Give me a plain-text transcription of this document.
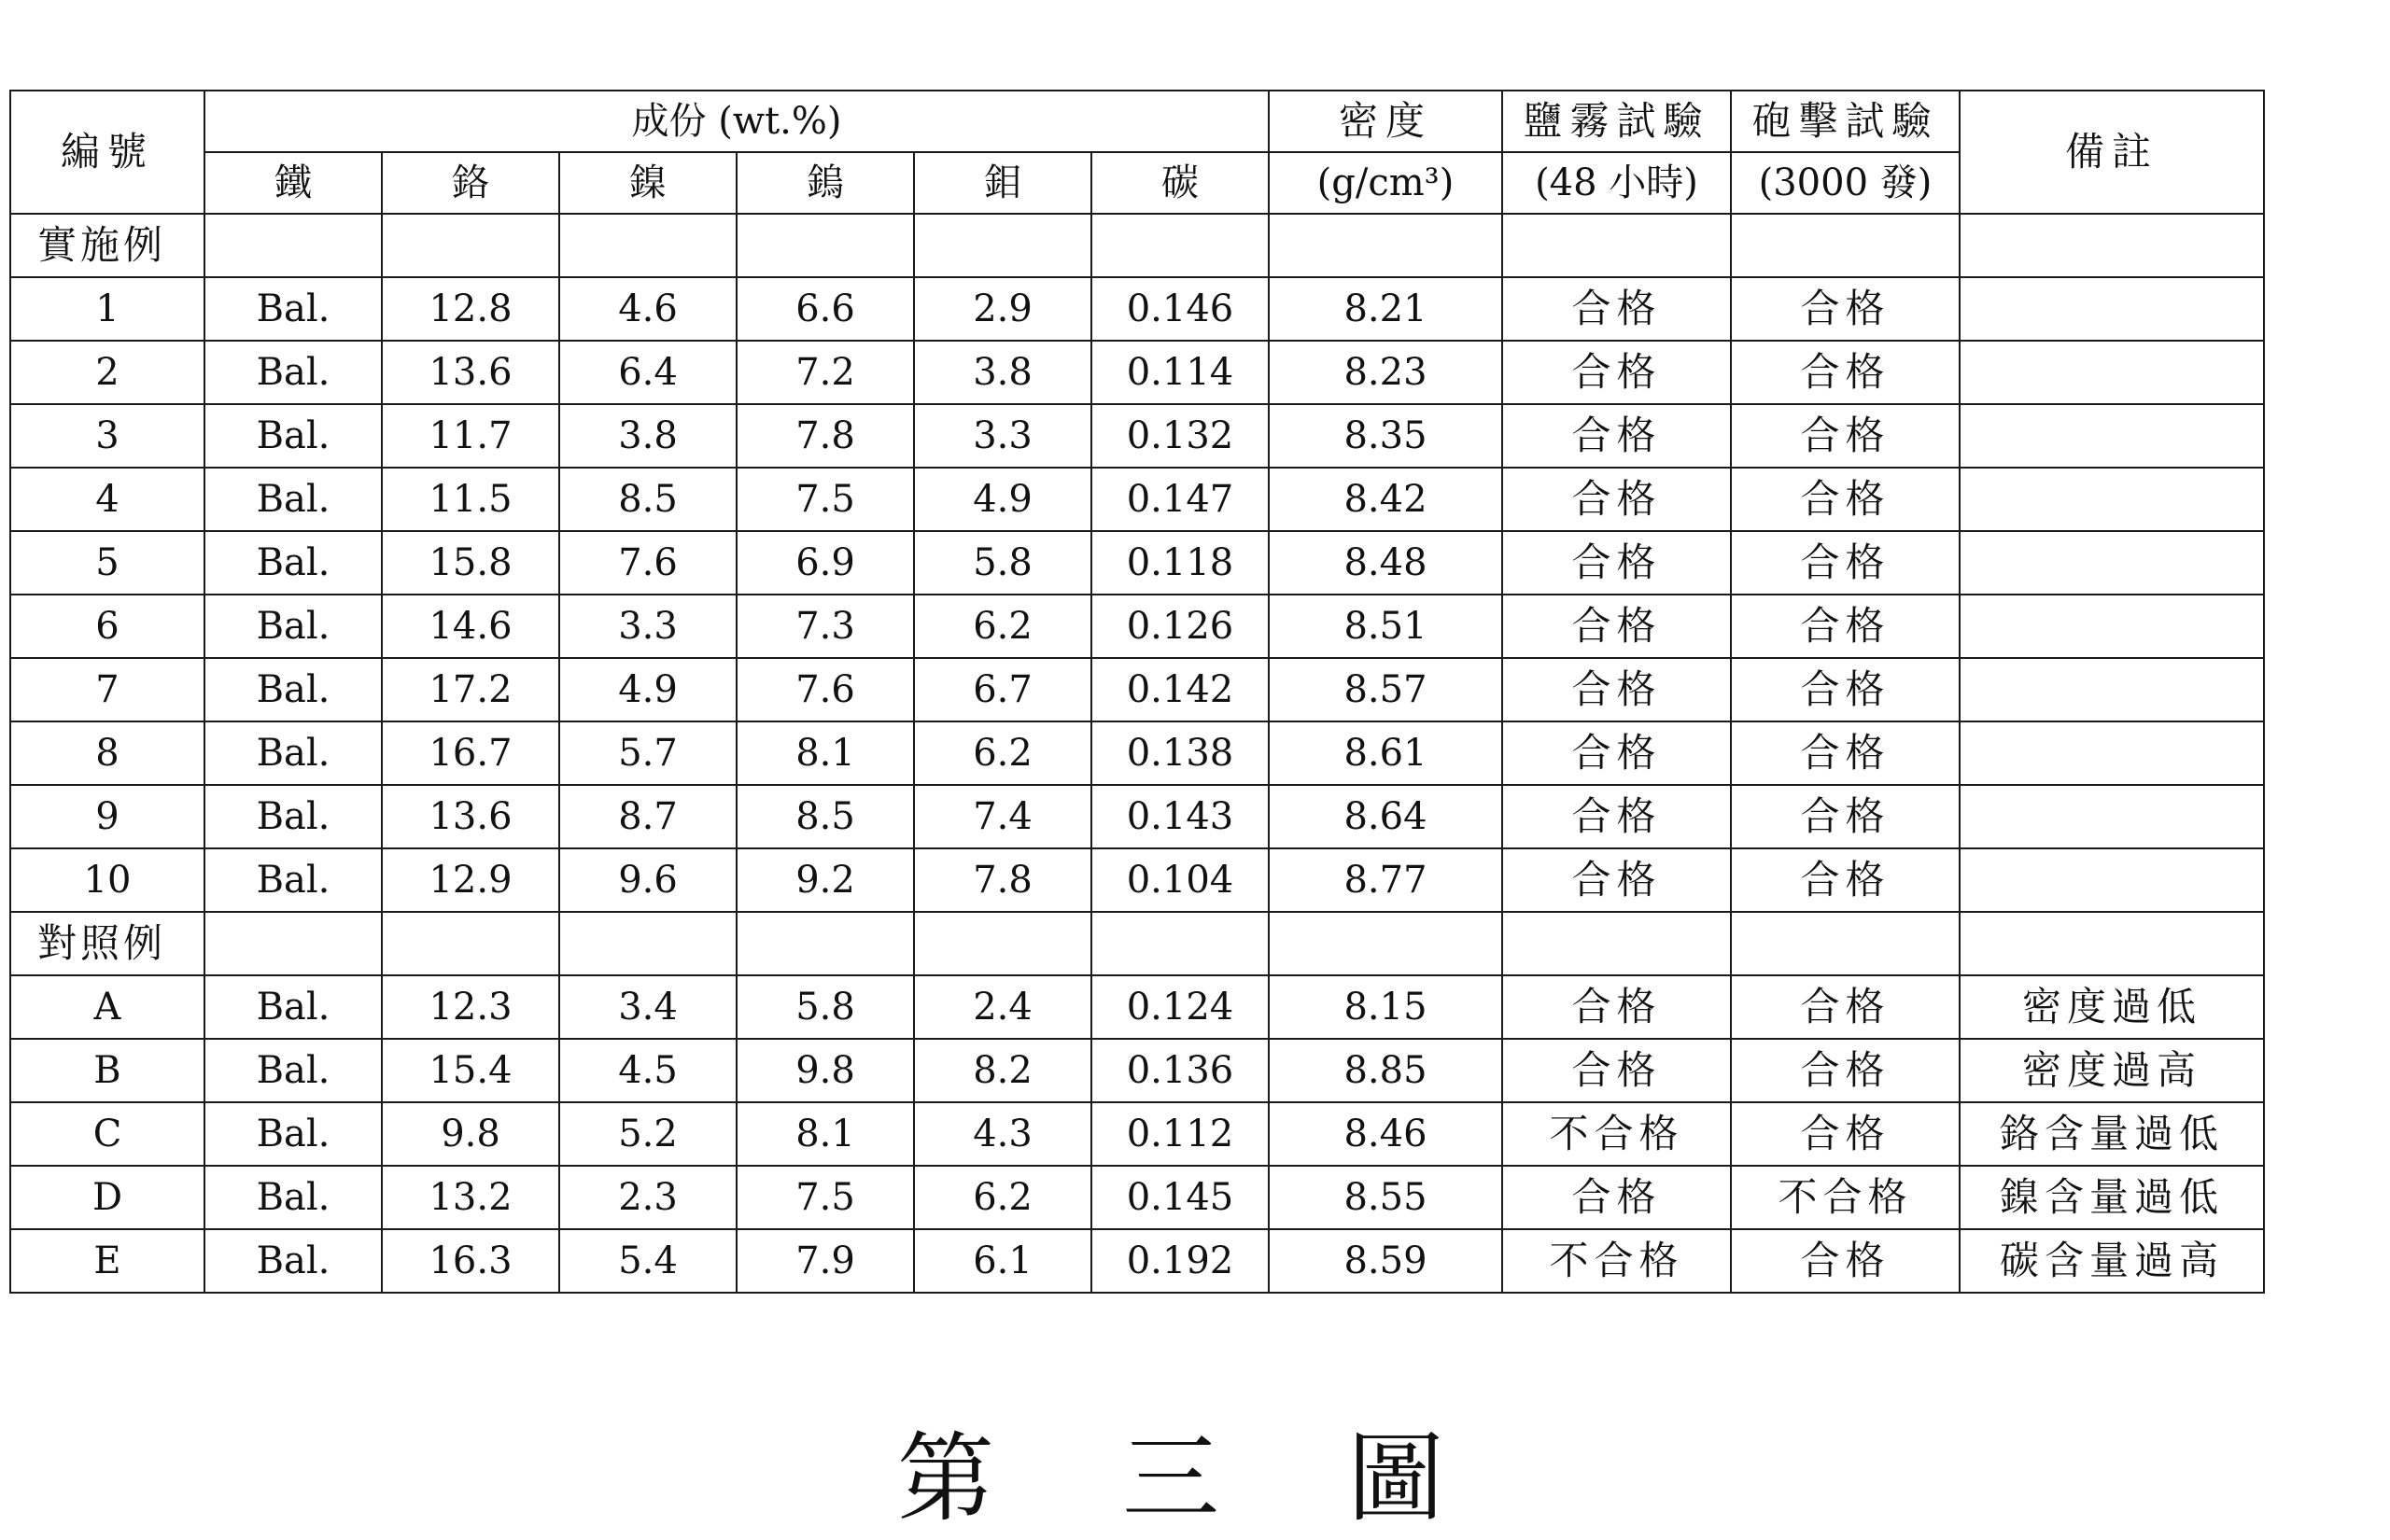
編號	成份 (wt.%)						密度	鹽霧試驗	砲擊試驗	備註
	鐵	鉻	鎳	鎢	鉬	碳	(g/cm³)	(48 小時)	(3000 發)	
實施例										
1	Bal.	12.8	4.6	6.6	2.9	0.146	8.21	合格	合格	
2	Bal.	13.6	6.4	7.2	3.8	0.114	8.23	合格	合格	
3	Bal.	11.7	3.8	7.8	3.3	0.132	8.35	合格	合格	
4	Bal.	11.5	8.5	7.5	4.9	0.147	8.42	合格	合格	
5	Bal.	15.8	7.6	6.9	5.8	0.118	8.48	合格	合格	
6	Bal.	14.6	3.3	7.3	6.2	0.126	8.51	合格	合格	
7	Bal.	17.2	4.9	7.6	6.7	0.142	8.57	合格	合格	
8	Bal.	16.7	5.7	8.1	6.2	0.138	8.61	合格	合格	
9	Bal.	13.6	8.7	8.5	7.4	0.143	8.64	合格	合格	
10	Bal.	12.9	9.6	9.2	7.8	0.104	8.77	合格	合格	
對照例										
A	Bal.	12.3	3.4	5.8	2.4	0.124	8.15	合格	合格	密度過低
B	Bal.	15.4	4.5	9.8	8.2	0.136	8.85	合格	合格	密度過高
C	Bal.	9.8	5.2	8.1	4.3	0.112	8.46	不合格	合格	鉻含量過低
D	Bal.	13.2	2.3	7.5	6.2	0.145	8.55	合格	不合格	鎳含量過低
E	Bal.	16.3	5.4	7.9	6.1	0.192	8.59	不合格	合格	碳含量過高
第 三 圖
